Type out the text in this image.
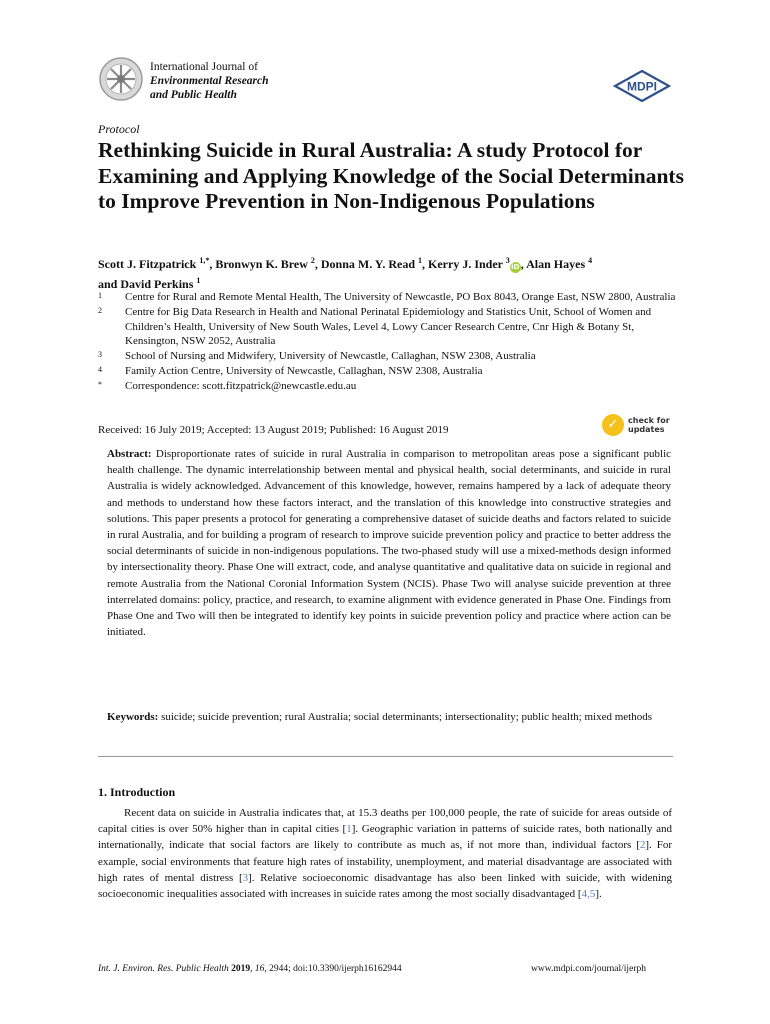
International Journal of
Environmental Research
and Public Health
MDPI
Protocol
Rethinking Suicide in Rural Australia: A study Protocol for Examining and Applying Knowledge of the Social Determinants to Improve Prevention in Non-Indigenous Populations
Scott J. Fitzpatrick $^{1,*}$, Bronwyn K. Brew $^2$, Donna M. Y. Read $^1$, Kerry J. Inder $^3$iD, Alan Hayes $^4$
and David Perkins $^1$
1	Centre for Rural and Remote Mental Health, The University of Newcastle, PO Box 8043, Orange East, NSW 2800, Australia
2	Centre for Big Data Research in Health and National Perinatal Epidemiology and Statistics Unit, School of Women and Children’s Health, University of New South Wales, Level 4, Lowy Cancer Research Centre, Cnr High & Botany St, Kensington, NSW 2052, Australia
3	School of Nursing and Midwifery, University of Newcastle, Callaghan, NSW 2308, Australia
4	Family Action Centre, University of Newcastle, Callaghan, NSW 2308, Australia
*	Correspondence: scott.fitzpatrick@newcastle.edu.au
✓	check for
updates
Received: 16 July 2019; Accepted: 13 August 2019; Published: 16 August 2019

Abstract: Disproportionate rates of suicide in rural Australia in comparison to metropolitan areas pose a significant public health challenge. The dynamic interrelationship between mental and physical health, social determinants, and suicide in rural Australia is widely acknowledged. Advancement of this knowledge, however, remains hampered by a lack of adequate theory and methods to understand how these factors interact, and the translation of this knowledge into constructive strategies and solutions. This paper presents a protocol for generating a comprehensive dataset of suicide deaths and factors related to suicide in rural Australia, and for building a program of research to improve suicide prevention policy and practice to better address the social determinants of suicide in non-indigenous populations. The two-phased study will use a mixed-methods design informed by intersectionality theory. Phase One will extract, code, and analyse quantitative and qualitative data on suicide in regional and remote Australia from the National Coronial Information System (NCIS). Phase Two will analyse suicide prevention at three interrelated domains: policy, practice, and research, to examine alignment with evidence generated in Phase One. Findings from Phase One and Two will then be integrated to identify key points in suicide prevention policy and practice where action can be initiated.

Keywords: suicide; suicide prevention; rural Australia; social determinants; intersectionality; public health; mixed methods

1. Introduction

Recent data on suicide in Australia indicates that, at 15.3 deaths per 100,000 people, the rate of suicide for areas outside of capital cities is over 50% higher than in capital cities [1]. Geographic variation in patterns of suicide rates, both nationally and internationally, indicate that social factors are likely to contribute as much as, if not more than, individual factors [2]. For example, social environments that feature high rates of instability, unemployment, and material disadvantage are associated with high rates of mental distress [3]. Relative socioeconomic disadvantage has also been linked with suicide, with widening socioeconomic inequalities associated with increases in suicide rates among the most socially disadvantaged [4,5].

Int. J. Environ. Res. Public Health 2019, 16, 2944; doi:10.3390/ijerph16162944	www.mdpi.com/journal/ijerph
